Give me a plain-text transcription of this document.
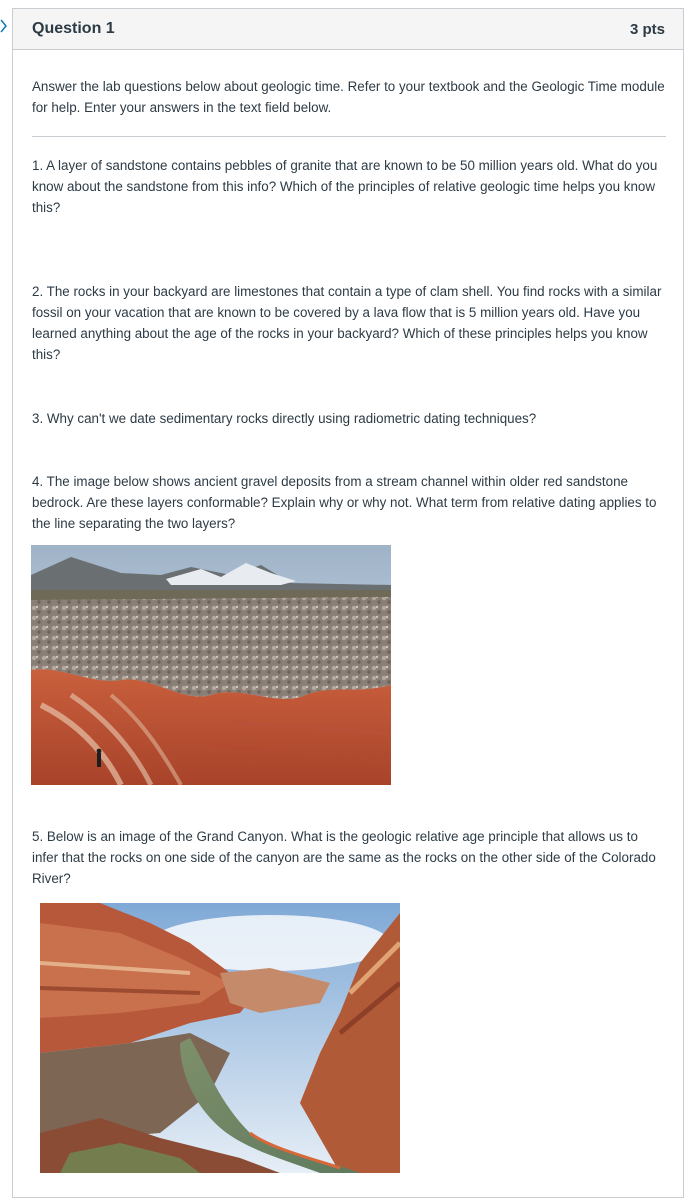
Question 1	3 pts

Answer the lab questions below about geologic time. Refer to your textbook and the Geologic Time module for help. Enter your answers in the text field below.

1. A layer of sandstone contains pebbles of granite that are known to be 50 million years old. What do you know about the sandstone from this info? Which of the principles of relative geologic time helps you know this?

2. The rocks in your backyard are limestones that contain a type of clam shell. You find rocks with a similar fossil on your vacation that are known to be covered by a lava flow that is 5 million years old. Have you learned anything about the age of the rocks in your backyard? Which of these principles helps you know this?

3. Why can't we date sedimentary rocks directly using radiometric dating techniques?

4. The image below shows ancient gravel deposits from a stream channel within older red sandstone bedrock. Are these layers conformable? Explain why or why not. What term from relative dating applies to the line separating the two layers?

5. Below is an image of the Grand Canyon. What is the geologic relative age principle that allows us to infer that the rocks on one side of the canyon are the same as the rocks on the other side of the Colorado River?
